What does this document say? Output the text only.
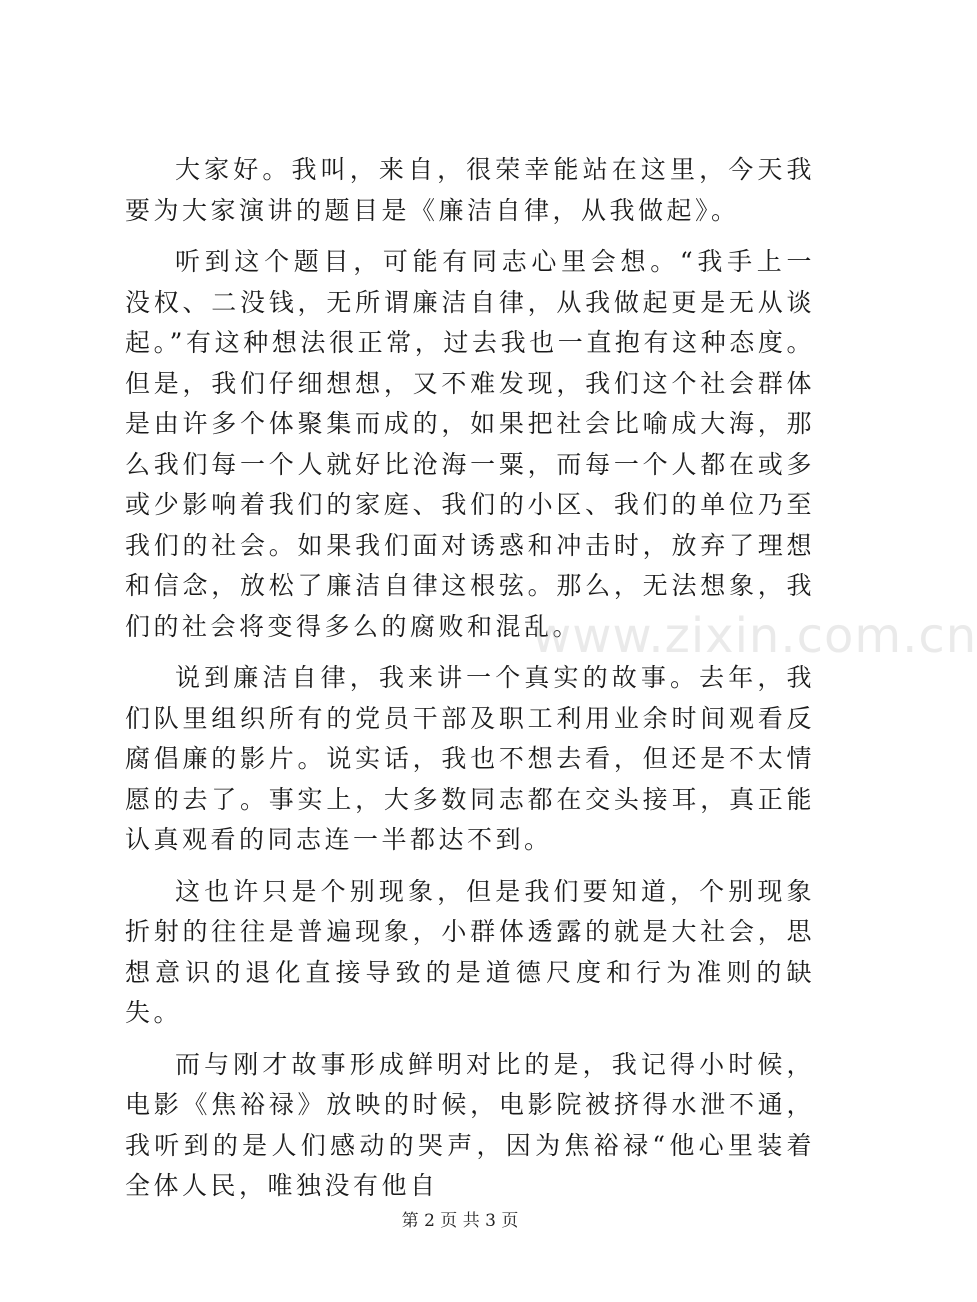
大家好。我叫，来自，很荣幸能站在这里，今天我要为大家演讲的题目是《廉洁自律，从我做起》。

听到这个题目，可能有同志心里会想。“我手上一没权、二没钱，无所谓廉洁自律，从我做起更是无从谈起。”有这种想法很正常，过去我也一直抱有这种态度。但是，我们仔细想想，又不难发现，我们这个社会群体是由许多个体聚集而成的，如果把社会比喻成大海，那么我们每一个人就好比沧海一粟，而每一个人都在或多或少影响着我们的家庭、我们的小区、我们的单位乃至我们的社会。如果我们面对诱惑和冲击时，放弃了理想和信念，放松了廉洁自律这根弦。那么，无法想象，我们的社会将变得多么的腐败和混乱。

说到廉洁自律，我来讲一个真实的故事。去年，我们队里组织所有的党员干部及职工利用业余时间观看反腐倡廉的影片。说实话，我也不想去看，但还是不太情愿的去了。事实上，大多数同志都在交头接耳，真正能认真观看的同志连一半都达不到。

这也许只是个别现象，但是我们要知道，个别现象折射的往往是普遍现象，小群体透露的就是大社会，思想意识的退化直接导致的是道德尺度和行为准则的缺失。

而与刚才故事形成鲜明对比的是，我记得小时候，电影《焦裕禄》放映的时候，电影院被挤得水泄不通，我听到的是人们感动的哭声，因为焦裕禄“他心里装着全体人民，唯独没有他自

www.zixin.com.cn
第 2 页 共 3 页
